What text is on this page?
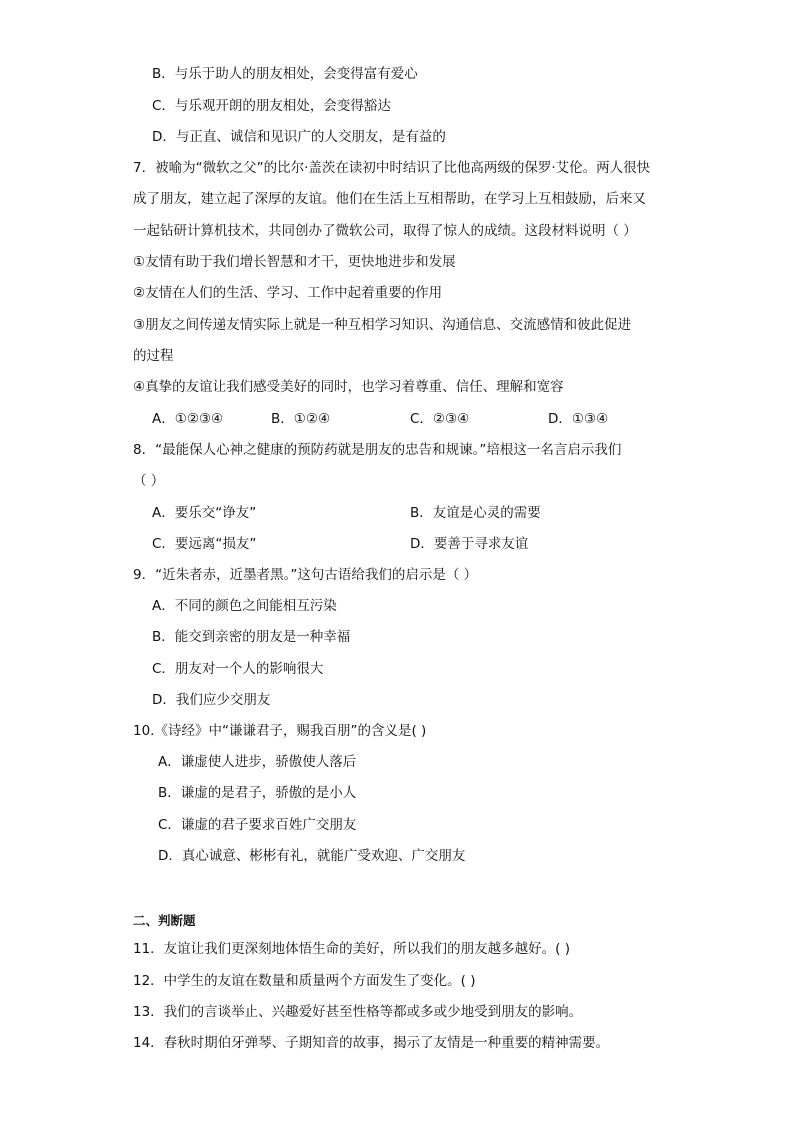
B．与乐于助人的朋友相处，会变得富有爱心
C．与乐观开朗的朋友相处，会变得豁达
D．与正直、诚信和见识广的人交朋友，是有益的
7．被喻为“微软之父”的比尔·盖茨在读初中时结识了比他高两级的保罗·艾伦。两人很快
成了朋友，建立起了深厚的友谊。他们在生活上互相帮助，在学习上互相鼓励，后来又
一起钻研计算机技术，共同创办了微软公司，取得了惊人的成绩。这段材料说明（ ）
①友情有助于我们增长智慧和才干，更快地进步和发展
②友情在人们的生活、学习、工作中起着重要的作用
③朋友之间传递友情实际上就是一种互相学习知识、沟通信息、交流感情和彼此促进
的过程
④真挚的友谊让我们感受美好的同时，也学习着尊重、信任、理解和宽容
A．①②③④	B．①②④	C．②③④	D．①③④
8．“最能保人心神之健康的预防药就是朋友的忠告和规谏。”培根这一名言启示我们
（ ）
A．要乐交“诤友”	B．友谊是心灵的需要
C．要远离“损友”	D．要善于寻求友谊
9．“近朱者赤，近墨者黑。”这句古语给我们的启示是（ ）
A．不同的颜色之间能相互污染
B．能交到亲密的朋友是一种幸福
C．朋友对一个人的影响很大
D．我们应少交朋友
10.《诗经》中“谦谦君子，赐我百朋”的含义是( )
A．谦虚使人进步，骄傲使人落后
B．谦虚的是君子，骄傲的是小人
C．谦虚的君子要求百姓广交朋友
D．真心诚意、彬彬有礼，就能广受欢迎、广交朋友
二、判断题
11．友谊让我们更深刻地体悟生命的美好，所以我们的朋友越多越好。( )
12．中学生的友谊在数量和质量两个方面发生了变化。( )
13．我们的言谈举止、兴趣爱好甚至性格等都或多或少地受到朋友的影响。
14．春秋时期伯牙弹琴、子期知音的故事，揭示了友情是一种重要的精神需要。
